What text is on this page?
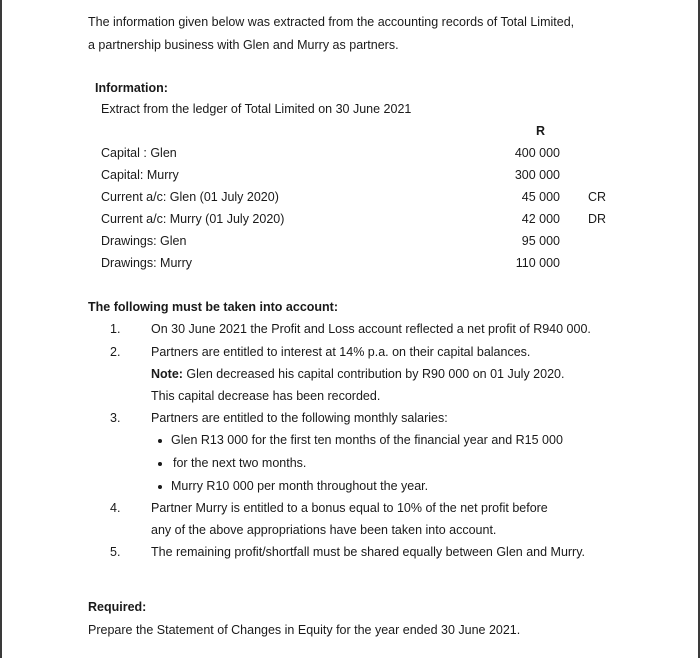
The information given below was extracted from the accounting records of Total Limited,
a partnership business with Glen and Murry as partners.
Information:
Extract from the ledger of Total Limited on 30 June 2021
R
Capital : Glen	400 000
Capital: Murry	300 000
Current a/c: Glen (01 July 2020)	45 000 CR
Current a/c: Murry (01 July 2020)	42 000 DR
Drawings: Glen	95 000
Drawings: Murry	110 000
The following must be taken into account:
1. On 30 June 2021 the Profit and Loss account reflected a net profit of R940 000.
2. Partners are entitled to interest at 14% p.a. on their capital balances.
Note: Glen decreased his capital contribution by R90 000 on 01 July 2020.
This capital decrease has been recorded.
3. Partners are entitled to the following monthly salaries:
Glen R13 000 for the first ten months of the financial year and R15 000
for the next two months.
Murry R10 000 per month throughout the year.
4. Partner Murry is entitled to a bonus equal to 10% of the net profit before
any of the above appropriations have been taken into account.
5. The remaining profit/shortfall must be shared equally between Glen and Murry.
Required:
Prepare the Statement of Changes in Equity for the year ended 30 June 2021.
